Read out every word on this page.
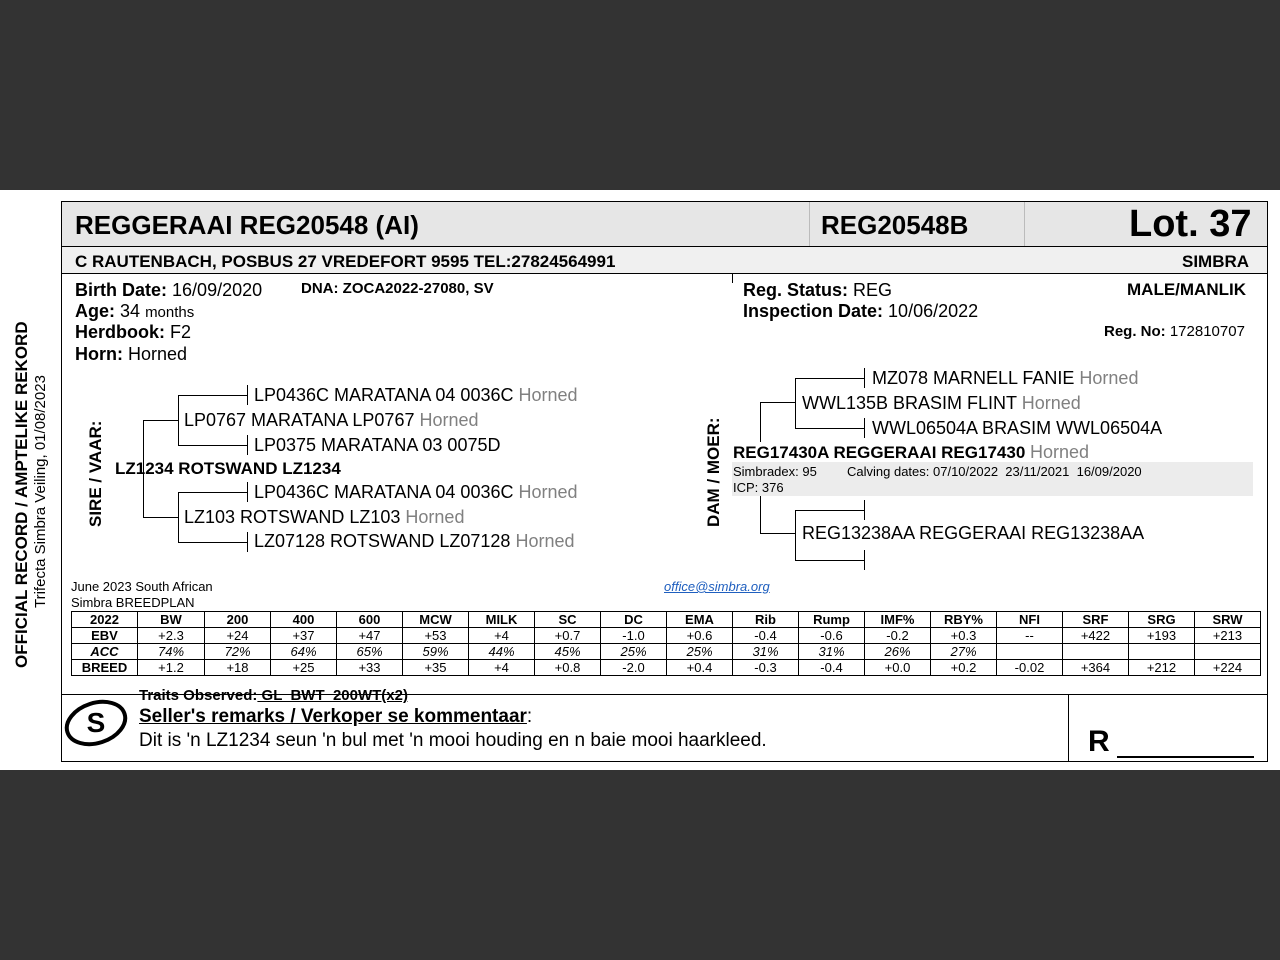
OFFICIAL RECORD / AMPTELIKE REKORD Trifecta Simbra Veiling, 01/08/2023
REGGERAAI REG20548 (AI)	REG20548B	Lot. 37
C RAUTENBACH, POSBUS 27 VREDEFORT 9595 TEL:27824564991	SIMBRA
Birth Date: 16/09/2020	DNA: ZOCA2022-27080, SV
Age: 34 months
Herdbook: F2
Horn: Horned
Reg. Status: REG	MALE/MANLIK
Inspection Date: 10/06/2022
Reg. No: 172810707
SIRE / VAAR:
LP0436C MARATANA 04 0036C Horned
LP0767 MARATANA LP0767 Horned
LP0375 MARATANA 03 0075D
LZ1234 ROTSWAND LZ1234
LP0436C MARATANA 04 0036C Horned
LZ103 ROTSWAND LZ103 Horned
LZ07128 ROTSWAND LZ07128 Horned
DAM / MOER:
MZ078 MARNELL FANIE Horned
WWL135B BRASIM FLINT Horned
WWL06504A BRASIM WWL06504A
REG17430A REGGERAAI REG17430 Horned
Simbradex: 95 Calving dates: 07/10/2022  23/11/2021  16/09/2020
ICP: 376
REG13238AA REGGERAAI REG13238AA
June 2023 South African
Simbra BREEDPLAN
office@simbra.org
2022	BW	200	400	600	MCW	MILK	SC	DC	EMA	Rib	Rump	IMF%	RBY%	NFI	SRF	SRG	SRW
EBV	+2.3	+24	+37	+47	+53	+4	+0.7	-1.0	+0.6	-0.4	-0.6	-0.2	+0.3	--	+422	+193	+213
ACC	74%	72%	64%	65%	59%	44%	45%	25%	25%	31%	31%	26%	27%				
BREED	+1.2	+18	+25	+33	+35	+4	+0.8	-2.0	+0.4	-0.3	-0.4	+0.0	+0.2	-0.02	+364	+212	+224
S
Traits Observed: GL  BWT  200WT(x2)
Seller's remarks / Verkoper se kommentaar:
Dit is 'n LZ1234 seun 'n bul met 'n mooi houding en n baie mooi haarkleed.	R
